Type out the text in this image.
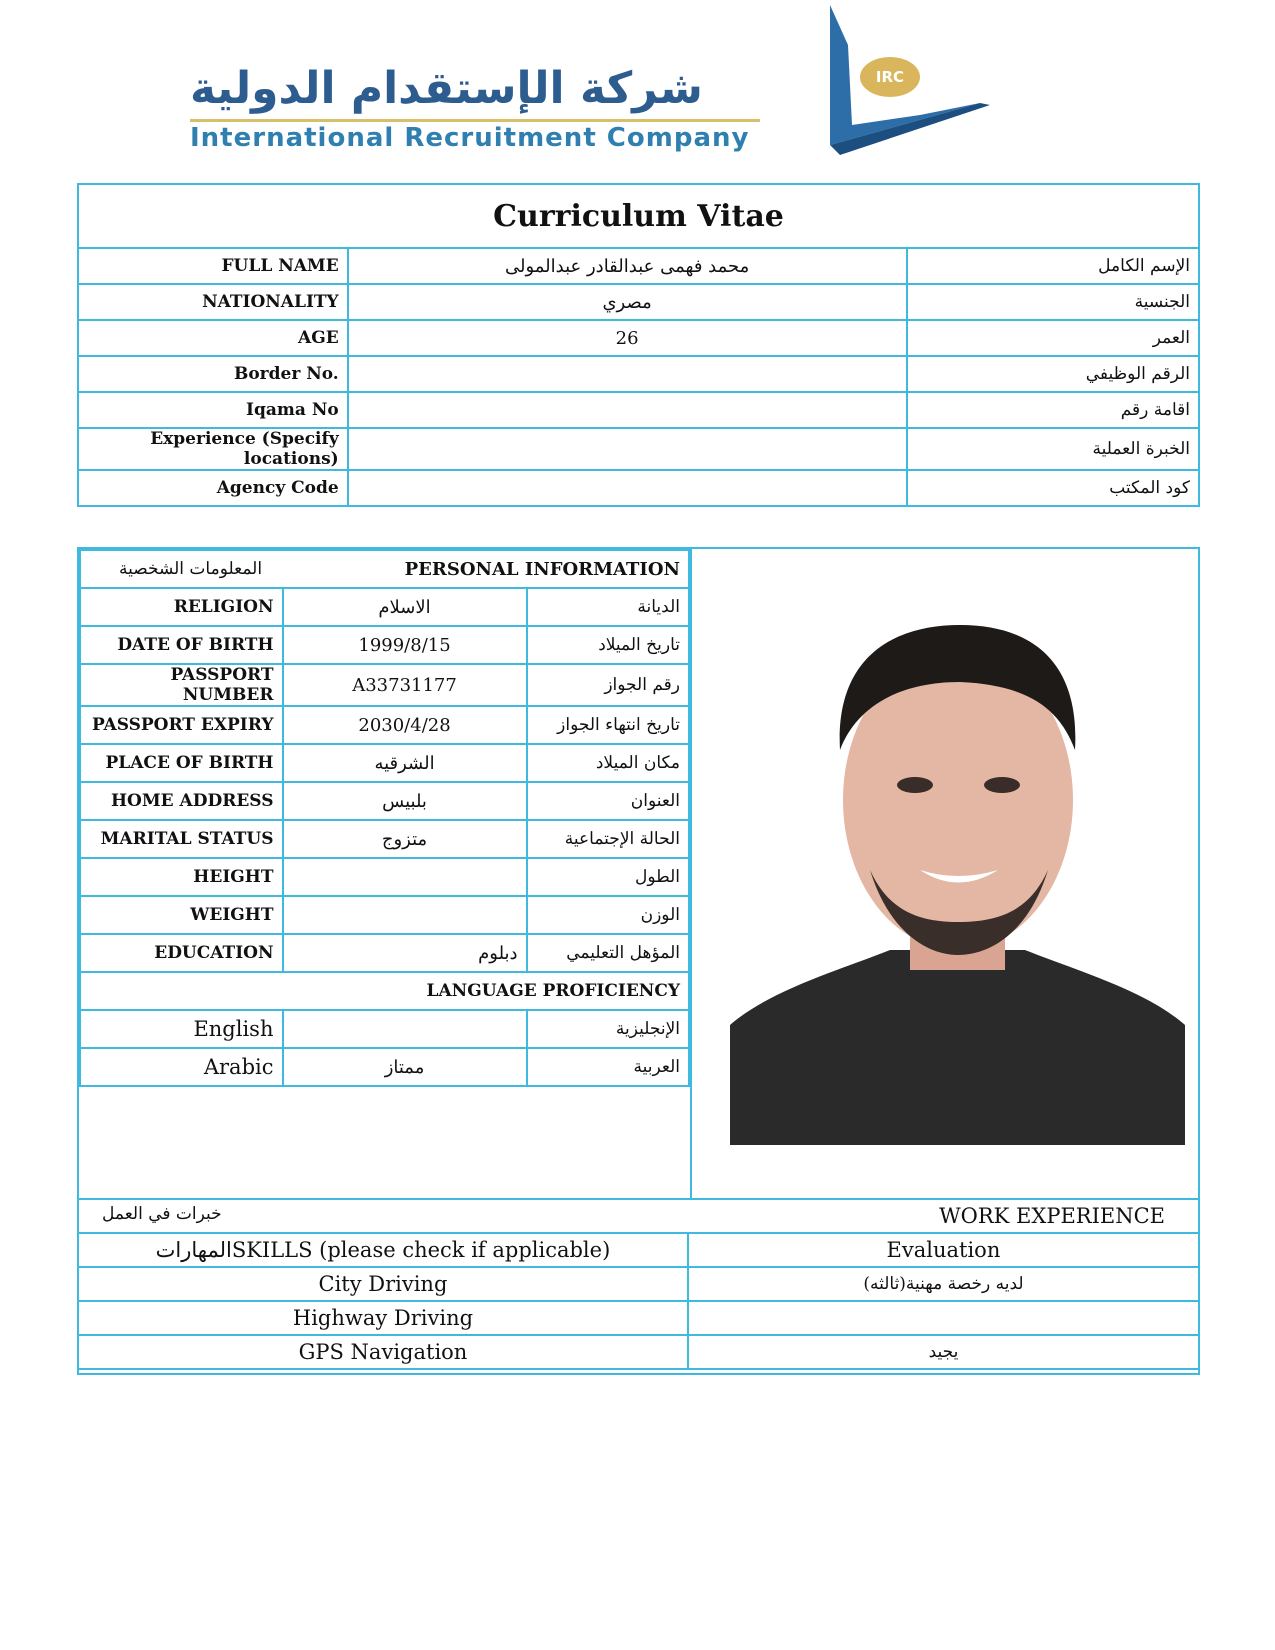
شركة الإستقدام الدولية
International Recruitment Company
IRC
Curriculum Vitae		
FULL NAME	محمد فهمى عبدالقادر عبدالمولى	الإسم الكامل
NATIONALITY	مصري	الجنسية
AGE	26	العمر
Border No.		الرقم الوظيفي
Iqama No		اقامة رقم
Experience (Specify locations)		الخبرة العملية
Agency Code		كود المكتب
PERSONAL INFORMATION
المعلومات الشخصية		

RELIGION	الاسلام	الديانة
DATE OF BIRTH	1999/8/15	تاريخ الميلاد
PASSPORT NUMBER	A33731177	رقم الجواز
PASSPORT EXPIRY	2030/4/28	تاريخ انتهاء الجواز
PLACE OF BIRTH	الشرقيه	مكان الميلاد
HOME ADDRESS	بلبيس	العنوان
MARITAL STATUS	متزوج	الحالة الإجتماعية
HEIGHT		الطول
WEIGHT		الوزن
EDUCATION	دبلوم	المؤهل التعليمي
LANGUAGE PROFICIENCY		
English		الإنجليزية
Arabic	ممتاز	العربية
WORK EXPERIENCE
خبرات في العمل	

المهاراتSKILLS (please check if applicable)	Evaluation
City Driving	لديه رخصة مهنية(ثالثه)
Highway Driving	
GPS Navigation	يجيد
